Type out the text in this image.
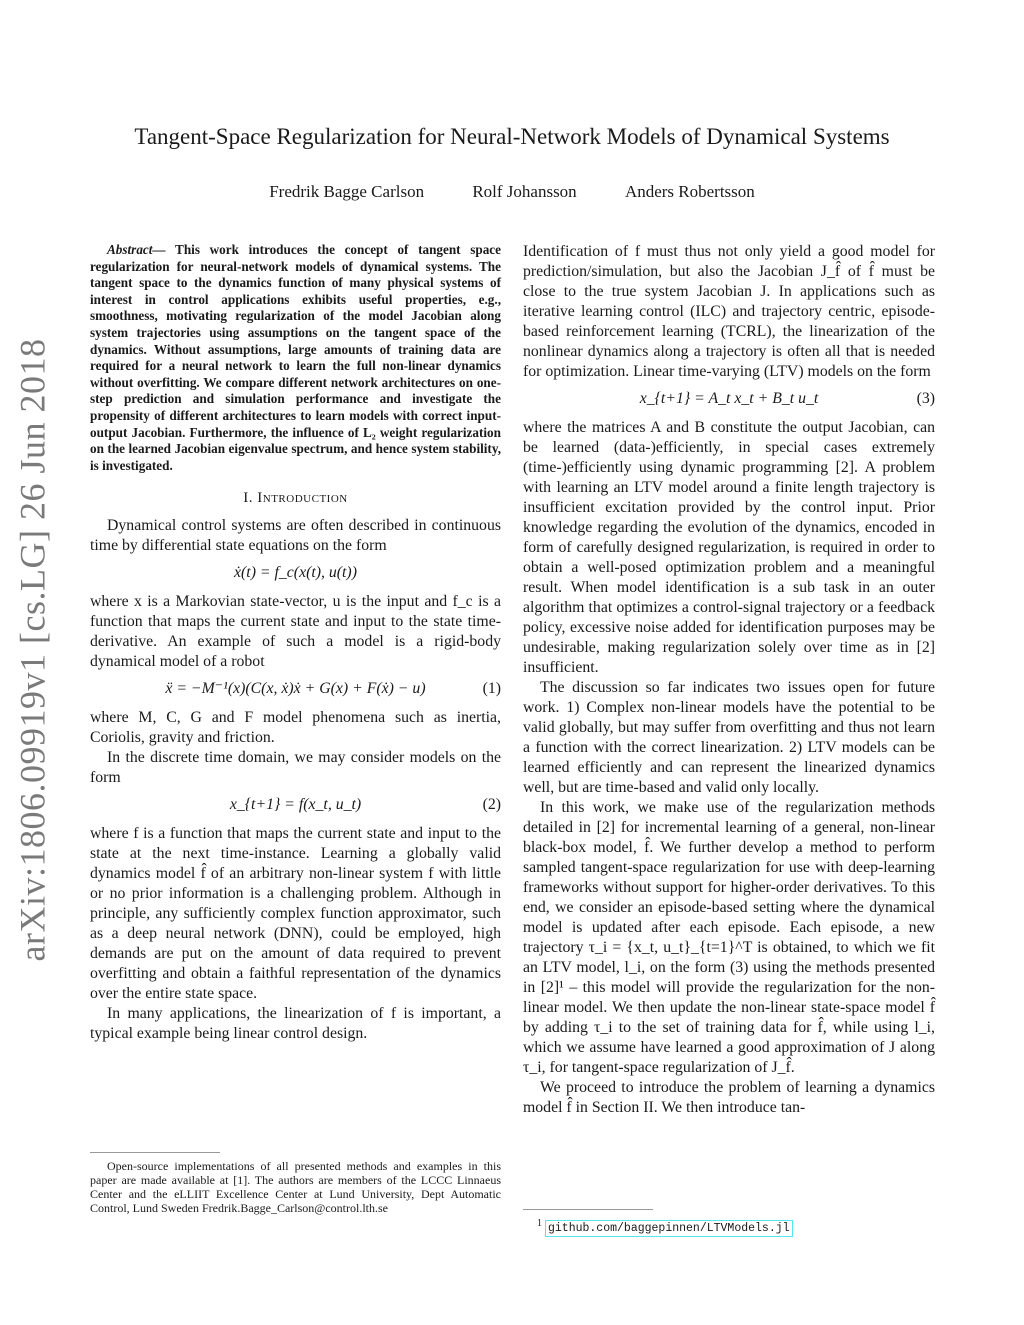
arXiv:1806.09919v1 [cs.LG] 26 Jun 2018
Tangent-Space Regularization for Neural-Network Models of Dynamical Systems
Fredrik Bagge Carlson	Rolf Johansson	Anders Robertsson

Abstract— This work introduces the concept of tangent space regularization for neural-network models of dynamical systems. The tangent space to the dynamics function of many physical systems of interest in control applications exhibits useful properties, e.g., smoothness, motivating regularization of the model Jacobian along system trajectories using assumptions on the tangent space of the dynamics. Without assumptions, large amounts of training data are required for a neural network to learn the full non-linear dynamics without overfitting. We compare different network architectures on one-step prediction and simulation performance and investigate the propensity of different architectures to learn models with correct input-output Jacobian. Furthermore, the influence of L₂ weight regularization on the learned Jacobian eigenvalue spectrum, and hence system stability, is investigated.

I. Introduction

Dynamical control systems are often described in continuous time by differential state equations on the form

ẋ(t) = f_c(x(t), u(t))

where x is a Markovian state-vector, u is the input and f_c is a function that maps the current state and input to the state time-derivative. An example of such a model is a rigid-body dynamical model of a robot

ẍ = −M⁻¹(x)(C(x, ẋ)ẋ + G(x) + F(ẋ) − u)	(1)

where M, C, G and F model phenomena such as inertia, Coriolis, gravity and friction.

In the discrete time domain, we may consider models on the form

x_{t+1} = f(x_t, u_t)	(2)

where f is a function that maps the current state and input to the state at the next time-instance. Learning a globally valid dynamics model f̂ of an arbitrary non-linear system f with little or no prior information is a challenging problem. Although in principle, any sufficiently complex function approximator, such as a deep neural network (DNN), could be employed, high demands are put on the amount of data required to prevent overfitting and obtain a faithful representation of the dynamics over the entire state space.

In many applications, the linearization of f is important, a typical example being linear control design.

Open-source implementations of all presented methods and examples in this paper are made available at [1]. The authors are members of the LCCC Linnaeus Center and the eLLIIT Excellence Center at Lund University, Dept Automatic Control, Lund Sweden Fredrik.Bagge_Carlson@control.lth.se

Identification of f must thus not only yield a good model for prediction/simulation, but also the Jacobian J_f̂ of f̂ must be close to the true system Jacobian J. In applications such as iterative learning control (ILC) and trajectory centric, episode-based reinforcement learning (TCRL), the linearization of the nonlinear dynamics along a trajectory is often all that is needed for optimization. Linear time-varying (LTV) models on the form

x_{t+1} = A_t x_t + B_t u_t	(3)

where the matrices A and B constitute the output Jacobian, can be learned (data-)efficiently, in special cases extremely (time-)efficiently using dynamic programming [2]. A problem with learning an LTV model around a finite length trajectory is insufficient excitation provided by the control input. Prior knowledge regarding the evolution of the dynamics, encoded in form of carefully designed regularization, is required in order to obtain a well-posed optimization problem and a meaningful result. When model identification is a sub task in an outer algorithm that optimizes a control-signal trajectory or a feedback policy, excessive noise added for identification purposes may be undesirable, making regularization solely over time as in [2] insufficient.

The discussion so far indicates two issues open for future work. 1) Complex non-linear models have the potential to be valid globally, but may suffer from overfitting and thus not learn a function with the correct linearization. 2) LTV models can be learned efficiently and can represent the linearized dynamics well, but are time-based and valid only locally.

In this work, we make use of the regularization methods detailed in [2] for incremental learning of a general, non-linear black-box model, f̂. We further develop a method to perform sampled tangent-space regularization for use with deep-learning frameworks without support for higher-order derivatives. To this end, we consider an episode-based setting where the dynamical model is updated after each episode. Each episode, a new trajectory τ_i = {x_t, u_t}_{t=1}^T is obtained, to which we fit an LTV model, l_i, on the form (3) using the methods presented in [2]¹ – this model will provide the regularization for the non-linear model. We then update the non-linear state-space model f̂ by adding τ_i to the set of training data for f̂, while using l_i, which we assume have learned a good approximation of J along τ_i, for tangent-space regularization of J_f̂.

We proceed to introduce the problem of learning a dynamics model f̂ in Section II. We then introduce tan-

$^1$ github.com/baggepinnen/LTVModels.jl
